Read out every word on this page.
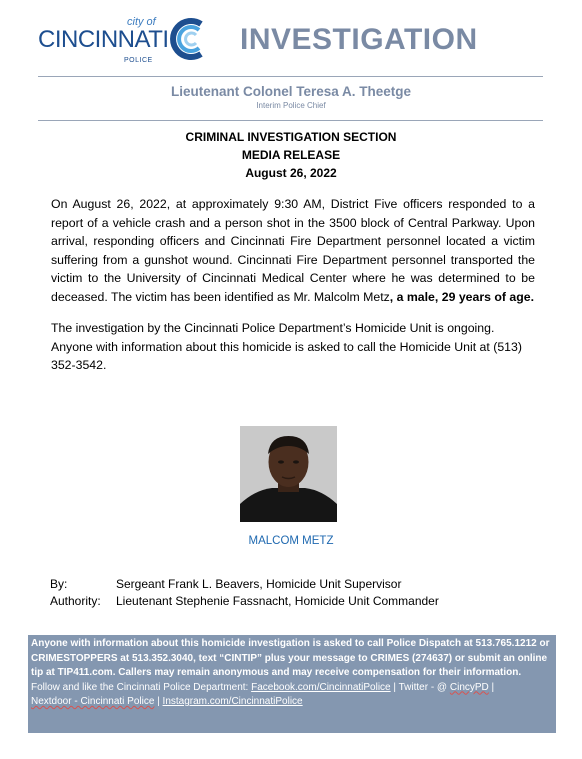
city of
CINCINNATI
POLICE
INVESTIGATION
Lieutenant Colonel Teresa A. Theetge
Interim Police Chief
CRIMINAL INVESTIGATION SECTION
MEDIA RELEASE
August 26, 2022
On August 26, 2022, at approximately 9:30 AM, District Five officers responded to a report of a vehicle crash and a person shot in the 3500 block of Central Parkway. Upon arrival, responding officers and Cincinnati Fire Department personnel located a victim suffering from a gunshot wound. Cincinnati Fire Department personnel transported the victim to the University of Cincinnati Medical Center where he was determined to be deceased. The victim has been identified as Mr. Malcolm Metz, a male, 29 years of age.
The investigation by the Cincinnati Police Department’s Homicide Unit is ongoing. Anyone with information about this homicide is asked to call the Homicide Unit at (513) 352-3542.
MALCOM METZ
By:	Sergeant Frank L. Beavers, Homicide Unit Supervisor
Authority:	Lieutenant Stephenie Fassnacht, Homicide Unit Commander
Anyone with information about this homicide investigation is asked to call Police Dispatch at 513.765.1212 or CRIMESTOPPERS at 513.352.3040, text “CINTIP” plus your message to CRIMES (274637) or submit an online tip at TIP411.com. Callers may remain anonymous and may receive compensation for their information.
Follow and like the Cincinnati Police Department: Facebook.com/CincinnatiPolice | Twitter - @ CincyPD |
Nextdoor - Cincinnati Police | Instagram.com/CincinnatiPolice
